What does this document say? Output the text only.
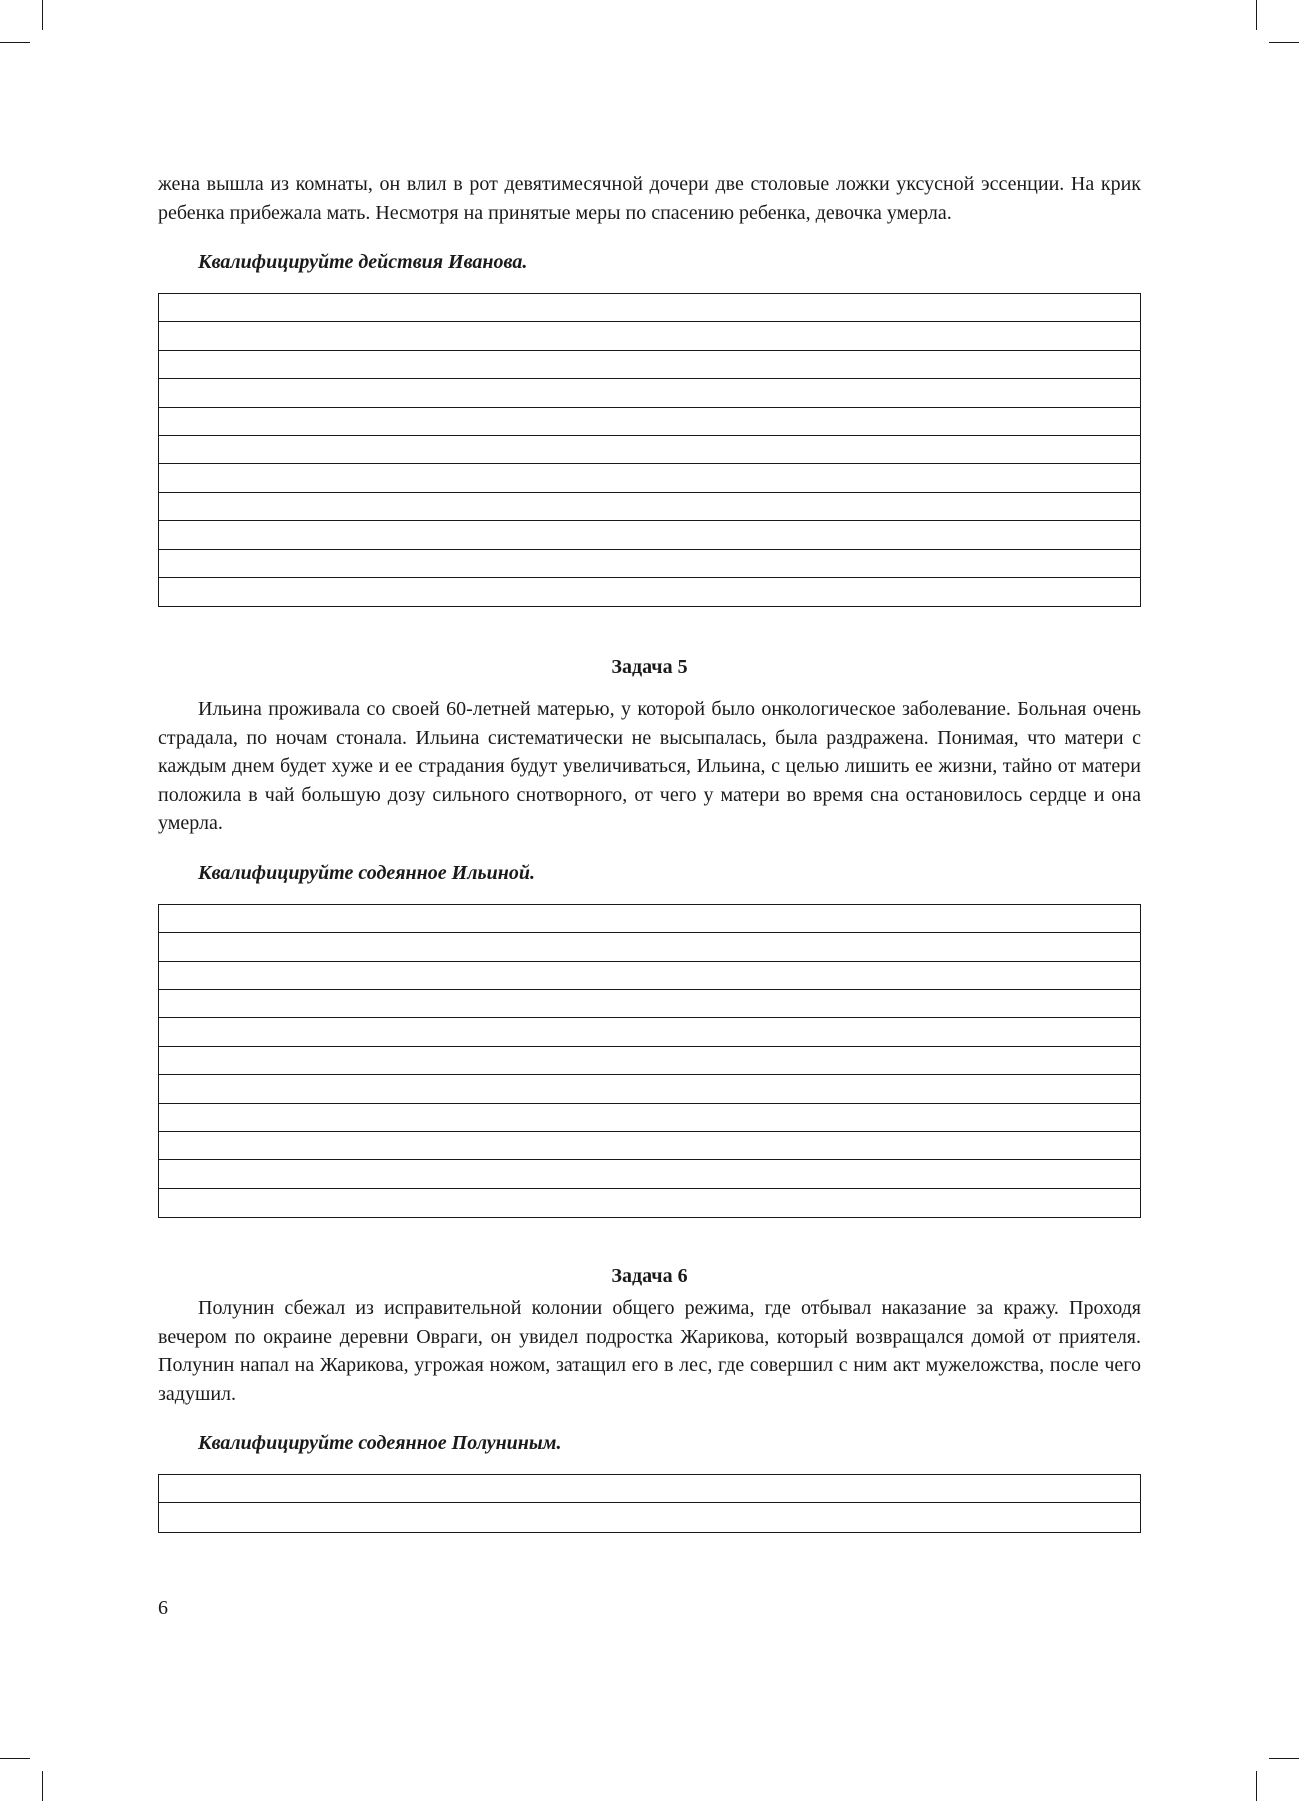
жена вышла из комнаты, он влил в рот девятимесячной дочери две столовые ложки уксусной эссенции. На крик ребенка прибежала мать. Несмотря на принятые меры по спасению ребенка, девочка умерла.

Квалифицируйте действия Иванова.

Задача 5

Ильина проживала со своей 60-летней матерью, у которой было онкологическое заболевание. Больная очень страдала, по ночам стонала. Ильина систематически не высыпалась, была раздражена. Понимая, что матери с каждым днем будет хуже и ее страдания будут увеличиваться, Ильина, с целью лишить ее жизни, тайно от матери положила в чай большую дозу сильного снотворного, от чего у матери во время сна остановилось сердце и она умерла.

Квалифицируйте содеянное Ильиной.

Задача 6

Полунин сбежал из исправительной колонии общего режима, где отбывал наказание за кражу. Проходя вечером по окраине деревни Овраги, он увидел подростка Жарикова, который возвращался домой от приятеля. Полунин напал на Жарикова, угрожая ножом, затащил его в лес, где совершил с ним акт мужеложства, после чего задушил.

Квалифицируйте содеянное Полуниным.

6
